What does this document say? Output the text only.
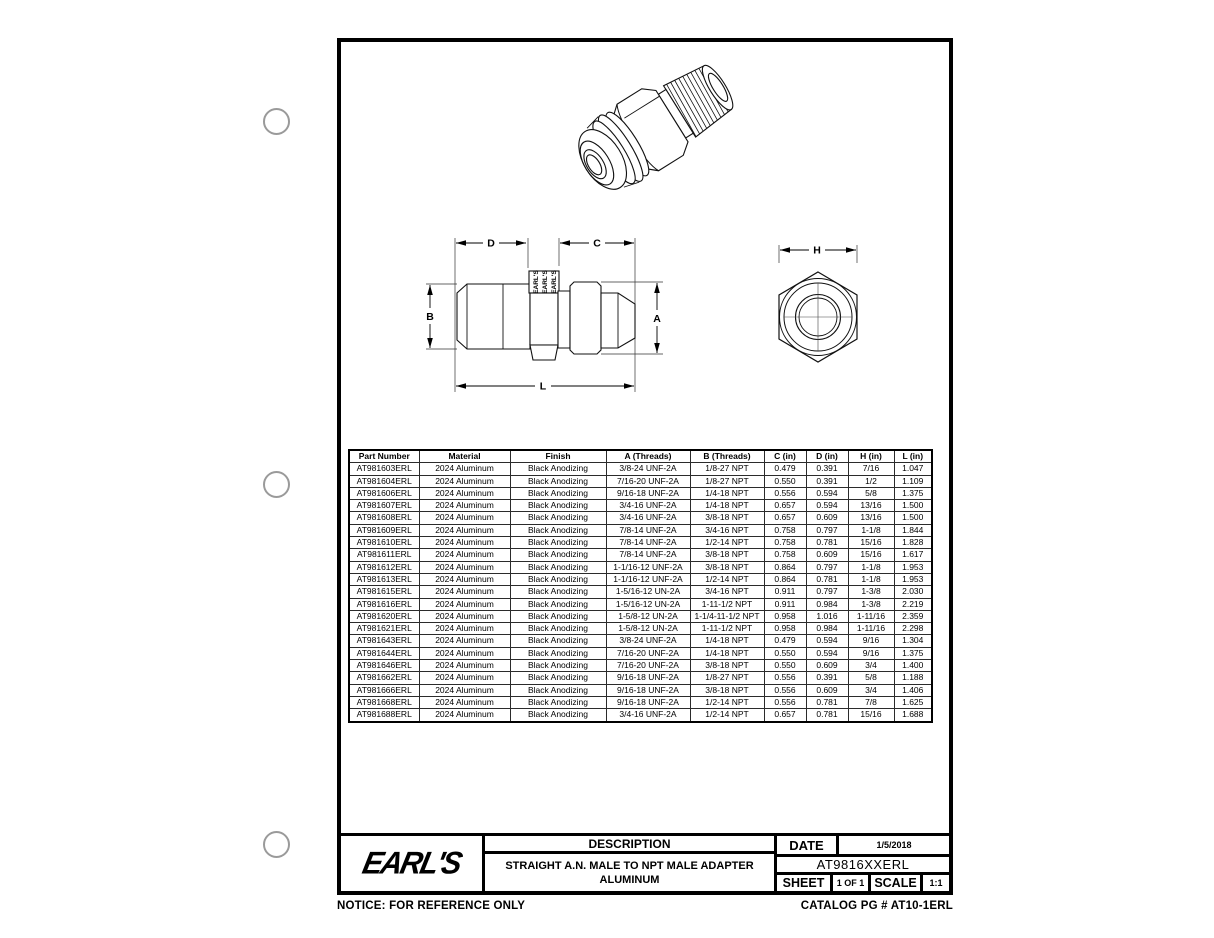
D	C
B	A
L
EARL'S EARL'S EARL'S
H
Part Number	Material	Finish	A (Threads)	B (Threads)	C (in)	D (in)	H (in)	L (in)
AT981603ERL	2024 Aluminum	Black Anodizing	3/8-24 UNF-2A	1/8-27 NPT	0.479	0.391	7/16	1.047
AT981604ERL	2024 Aluminum	Black Anodizing	7/16-20 UNF-2A	1/8-27 NPT	0.550	0.391	1/2	1.109
AT981606ERL	2024 Aluminum	Black Anodizing	9/16-18 UNF-2A	1/4-18 NPT	0.556	0.594	5/8	1.375
AT981607ERL	2024 Aluminum	Black Anodizing	3/4-16 UNF-2A	1/4-18 NPT	0.657	0.594	13/16	1.500
AT981608ERL	2024 Aluminum	Black Anodizing	3/4-16 UNF-2A	3/8-18 NPT	0.657	0.609	13/16	1.500
AT981609ERL	2024 Aluminum	Black Anodizing	7/8-14 UNF-2A	3/4-16 NPT	0.758	0.797	1-1/8	1.844
AT981610ERL	2024 Aluminum	Black Anodizing	7/8-14 UNF-2A	1/2-14 NPT	0.758	0.781	15/16	1.828
AT981611ERL	2024 Aluminum	Black Anodizing	7/8-14 UNF-2A	3/8-18 NPT	0.758	0.609	15/16	1.617
AT981612ERL	2024 Aluminum	Black Anodizing	1-1/16-12 UNF-2A	3/8-18 NPT	0.864	0.797	1-1/8	1.953
AT981613ERL	2024 Aluminum	Black Anodizing	1-1/16-12 UNF-2A	1/2-14 NPT	0.864	0.781	1-1/8	1.953
AT981615ERL	2024 Aluminum	Black Anodizing	1-5/16-12 UN-2A	3/4-16 NPT	0.911	0.797	1-3/8	2.030
AT981616ERL	2024 Aluminum	Black Anodizing	1-5/16-12 UN-2A	1-11-1/2 NPT	0.911	0.984	1-3/8	2.219
AT981620ERL	2024 Aluminum	Black Anodizing	1-5/8-12 UN-2A	1-1/4-11-1/2 NPT	0.958	1.016	1-11/16	2.359
AT981621ERL	2024 Aluminum	Black Anodizing	1-5/8-12 UN-2A	1-11-1/2 NPT	0.958	0.984	1-11/16	2.298
AT981643ERL	2024 Aluminum	Black Anodizing	3/8-24 UNF-2A	1/4-18 NPT	0.479	0.594	9/16	1.304
AT981644ERL	2024 Aluminum	Black Anodizing	7/16-20 UNF-2A	1/4-18 NPT	0.550	0.594	9/16	1.375
AT981646ERL	2024 Aluminum	Black Anodizing	7/16-20 UNF-2A	3/8-18 NPT	0.550	0.609	3/4	1.400
AT981662ERL	2024 Aluminum	Black Anodizing	9/16-18 UNF-2A	1/8-27 NPT	0.556	0.391	5/8	1.188
AT981666ERL	2024 Aluminum	Black Anodizing	9/16-18 UNF-2A	3/8-18 NPT	0.556	0.609	3/4	1.406
AT981668ERL	2024 Aluminum	Black Anodizing	9/16-18 UNF-2A	1/2-14 NPT	0.556	0.781	7/8	1.625
AT981688ERL	2024 Aluminum	Black Anodizing	3/4-16 UNF-2A	1/2-14 NPT	0.657	0.781	15/16	1.688
EARL'S
DESCRIPTION
STRAIGHT A.N. MALE TO NPT MALE ADAPTER
ALUMINUM
DATE	1/5/2018
AT9816XXERL
SHEET	1 OF 1 SCALE	1:1
NOTICE: FOR REFERENCE ONLY	CATALOG PG # AT10-1ERL
